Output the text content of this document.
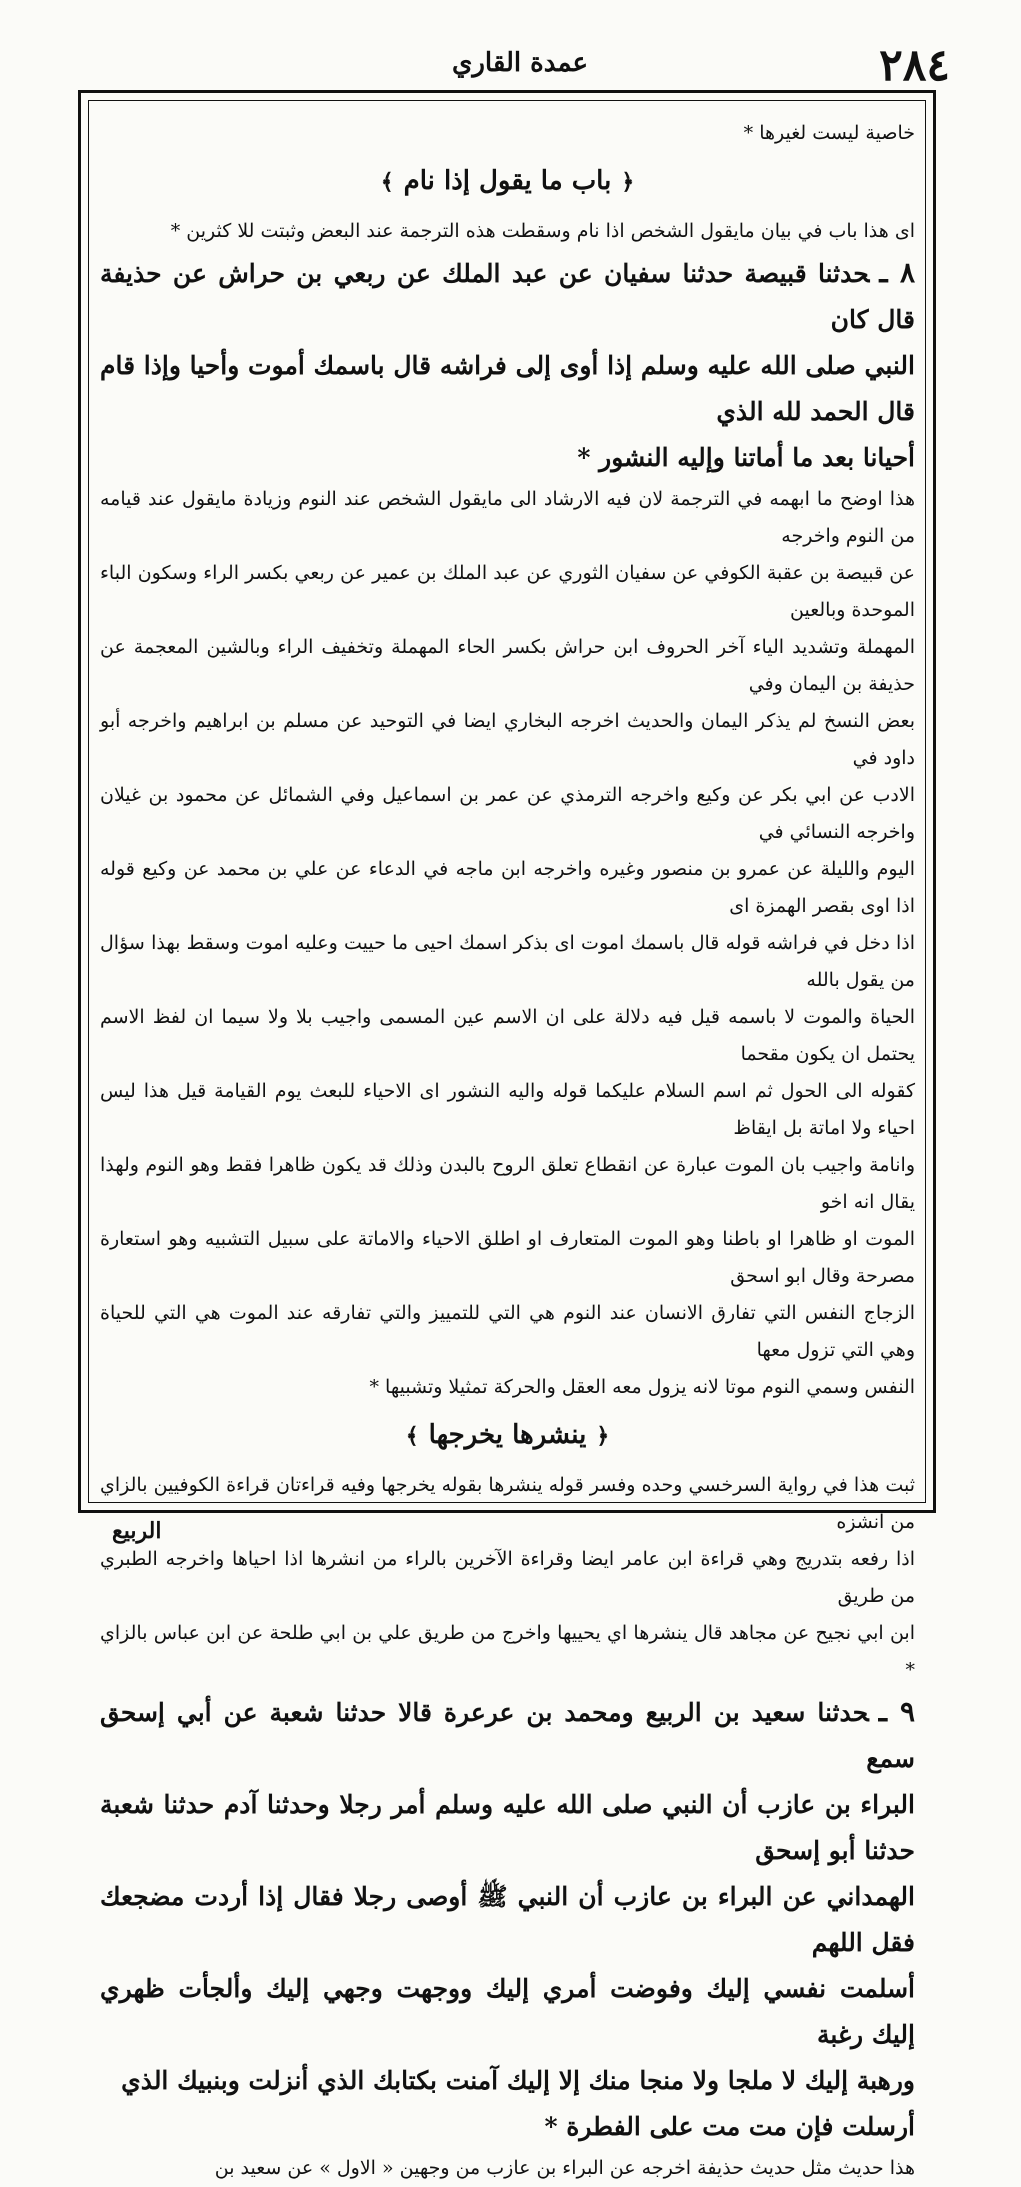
٢٨٤
عمدة القاري

خاصية ليست لغيرها *

﴿باب ما يقول إذا نام﴾

اى هذا باب في بيان مايقول الشخص اذا نام وسقطت هذه الترجمة عند البعض وثبتت للا كثرين *

٨ ـحدثنا قبيصة حدثنا سفيان عن عبد الملك عن ربعي بن حراش عن حذيفة قال كان

النبي صلى الله عليه وسلم إذا أوى إلى فراشه قال باسمك أموت وأحيا وإذا قام قال الحمد لله الذي

أحيانا بعد ما أماتنا وإليه النشور *

هذا اوضح ما ابهمه في الترجمة لان فيه الارشاد الى مايقول الشخص عند النوم وزيادة مايقول عند قيامه من النوم واخرجه

عن قبيصة بن عقبة الكوفي عن سفيان الثوري عن عبد الملك بن عمير عن ربعي بكسر الراء وسكون الباء الموحدة وبالعين

المهملة وتشديد الياء آخر الحروف ابن حراش بكسر الحاء المهملة وتخفيف الراء وبالشين المعجمة عن حذيفة بن اليمان وفي

بعض النسخ لم يذكر اليمان والحديث اخرجه البخاري ايضا في التوحيد عن مسلم بن ابراهيم واخرجه أبو داود في

الادب عن ابي بكر عن وكيع واخرجه الترمذي عن عمر بن اسماعيل وفي الشمائل عن محمود بن غيلان واخرجه النسائي في

اليوم والليلة عن عمرو بن منصور وغيره واخرجه ابن ماجه في الدعاء عن علي بن محمد عن وكيع قوله اذا اوى بقصر الهمزة اى

اذا دخل في فراشه قوله قال باسمك اموت اى بذكر اسمك احيى ما حييت وعليه اموت وسقط بهذا سؤال من يقول بالله

الحياة والموت لا باسمه قيل فيه دلالة على ان الاسم عين المسمى واجيب بلا ولا سيما ان لفظ الاسم يحتمل ان يكون مقحما

كقوله الى الحول ثم اسم السلام عليكما قوله واليه النشور اى الاحياء للبعث يوم القيامة قيل هذا ليس احياء ولا اماتة بل ايقاظ

وانامة واجيب بان الموت عبارة عن انقطاع تعلق الروح بالبدن وذلك قد يكون ظاهرا فقط وهو النوم ولهذا يقال انه اخو

الموت او ظاهرا او باطنا وهو الموت المتعارف او اطلق الاحياء والاماتة على سبيل التشبيه وهو استعارة مصرحة وقال ابو اسحق

الزجاج النفس التي تفارق الانسان عند النوم هي التي للتمييز والتي تفارقه عند الموت هي التي للحياة وهي التي تزول معها

النفس وسمي النوم موتا لانه يزول معه العقل والحركة تمثيلا وتشبيها *

﴿ينشرها يخرجها﴾

ثبت هذا في رواية السرخسي وحده وفسر قوله ينشرها بقوله يخرجها وفيه قراءتان قراءة الكوفيين بالزاي من انشزه

اذا رفعه بتدريج وهي قراءة ابن عامر ايضا وقراءة الآخرين بالراء من انشرها اذا احياها واخرجه الطبري من طريق

ابن ابي نجيح عن مجاهد قال ينشرها اي يحييها واخرج من طريق علي بن ابي طلحة عن ابن عباس بالزاي *

٩ ـحدثنا سعيد بن الربيع ومحمد بن عرعرة قالا حدثنا شعبة عن أبي إسحق سمع

البراء بن عازب أن النبي صلى الله عليه وسلم أمر رجلا وحدثنا آدم حدثنا شعبة حدثنا أبو إسحق

الهمداني عن البراء بن عازب أن النبي ﷺ أوصى رجلا فقال إذا أردت مضجعك فقل اللهم

أسلمت نفسي إليك وفوضت أمري إليك ووجهت وجهي إليك وألجأت ظهري إليك رغبة

ورهبة إليك لا ملجا ولا منجا منك إلا إليك آمنت بكتابك الذي أنزلت وبنبيك الذي

أرسلت فإن مت مت على الفطرة *

هذا حديث مثل حديث حذيفة اخرجه عن البراء بن عازب من وجهين « الاول » عن سعيد بن

الربيع
